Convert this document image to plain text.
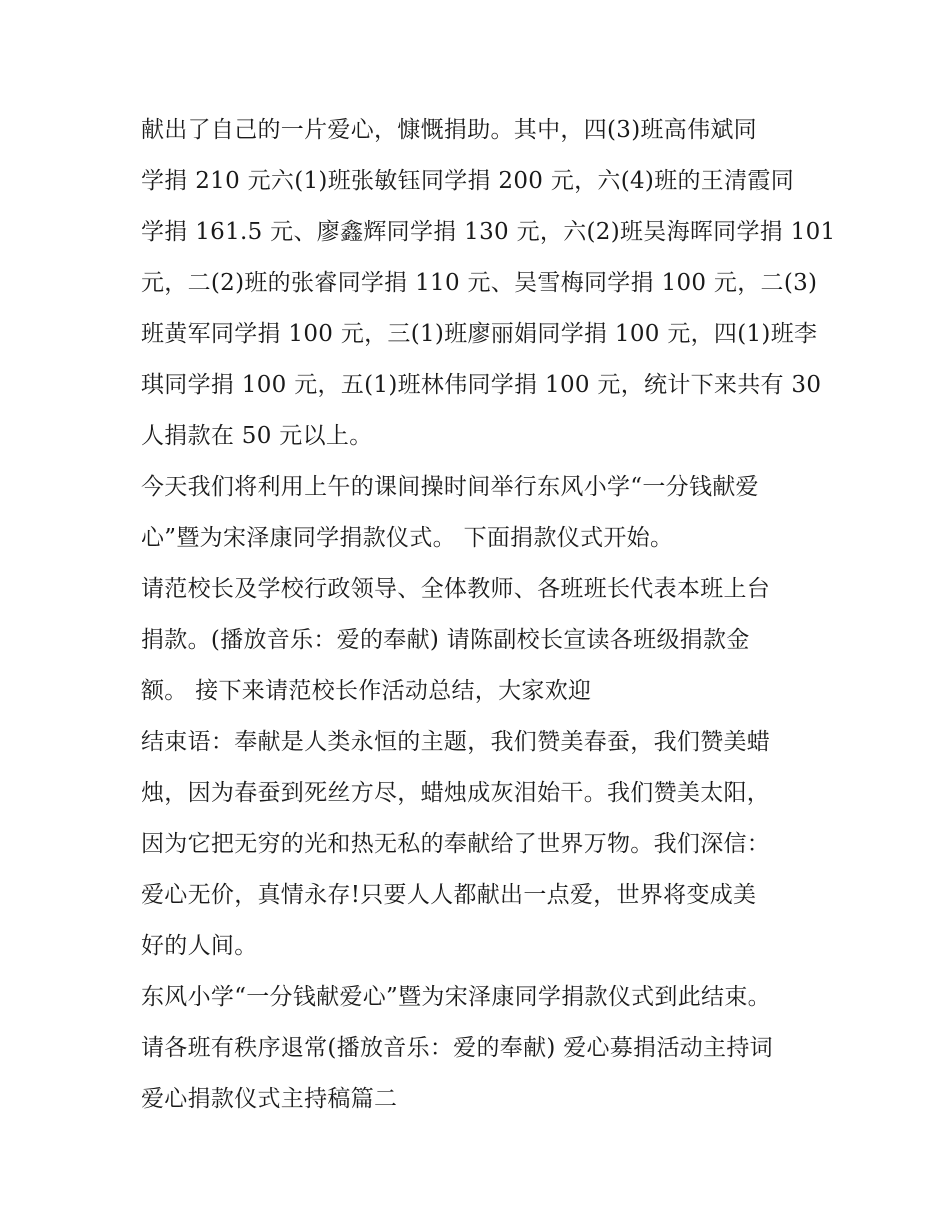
献出了自己的一片爱心，慷慨捐助。其中，四(3)班高伟斌同
学捐 210 元六(1)班张敏钰同学捐 200 元，六(4)班的王清霞同
学捐 161.5 元、廖鑫辉同学捐 130 元，六(2)班吴海晖同学捐 101
元，二(2)班的张睿同学捐 110 元、吴雪梅同学捐 100 元，二(3)
班黄军同学捐 100 元，三(1)班廖丽娟同学捐 100 元，四(1)班李
琪同学捐 100 元，五(1)班林伟同学捐 100 元，统计下来共有 30
人捐款在 50 元以上。
今天我们将利用上午的课间操时间举行东风小学“一分钱献爱
心”暨为宋泽康同学捐款仪式。 下面捐款仪式开始。
请范校长及学校行政领导、全体教师、各班班长代表本班上台
捐款。(播放音乐：爱的奉献) 请陈副校长宣读各班级捐款金
额。 接下来请范校长作活动总结，大家欢迎
结束语：奉献是人类永恒的主题，我们赞美春蚕，我们赞美蜡
烛，因为春蚕到死丝方尽，蜡烛成灰泪始干。我们赞美太阳，
因为它把无穷的光和热无私的奉献给了世界万物。我们深信：
爱心无价，真情永存!只要人人都献出一点爱，世界将变成美
好的人间。
东风小学“一分钱献爱心”暨为宋泽康同学捐款仪式到此结束。
请各班有秩序退常(播放音乐：爱的奉献) 爱心募捐活动主持词
爱心捐款仪式主持稿篇二
